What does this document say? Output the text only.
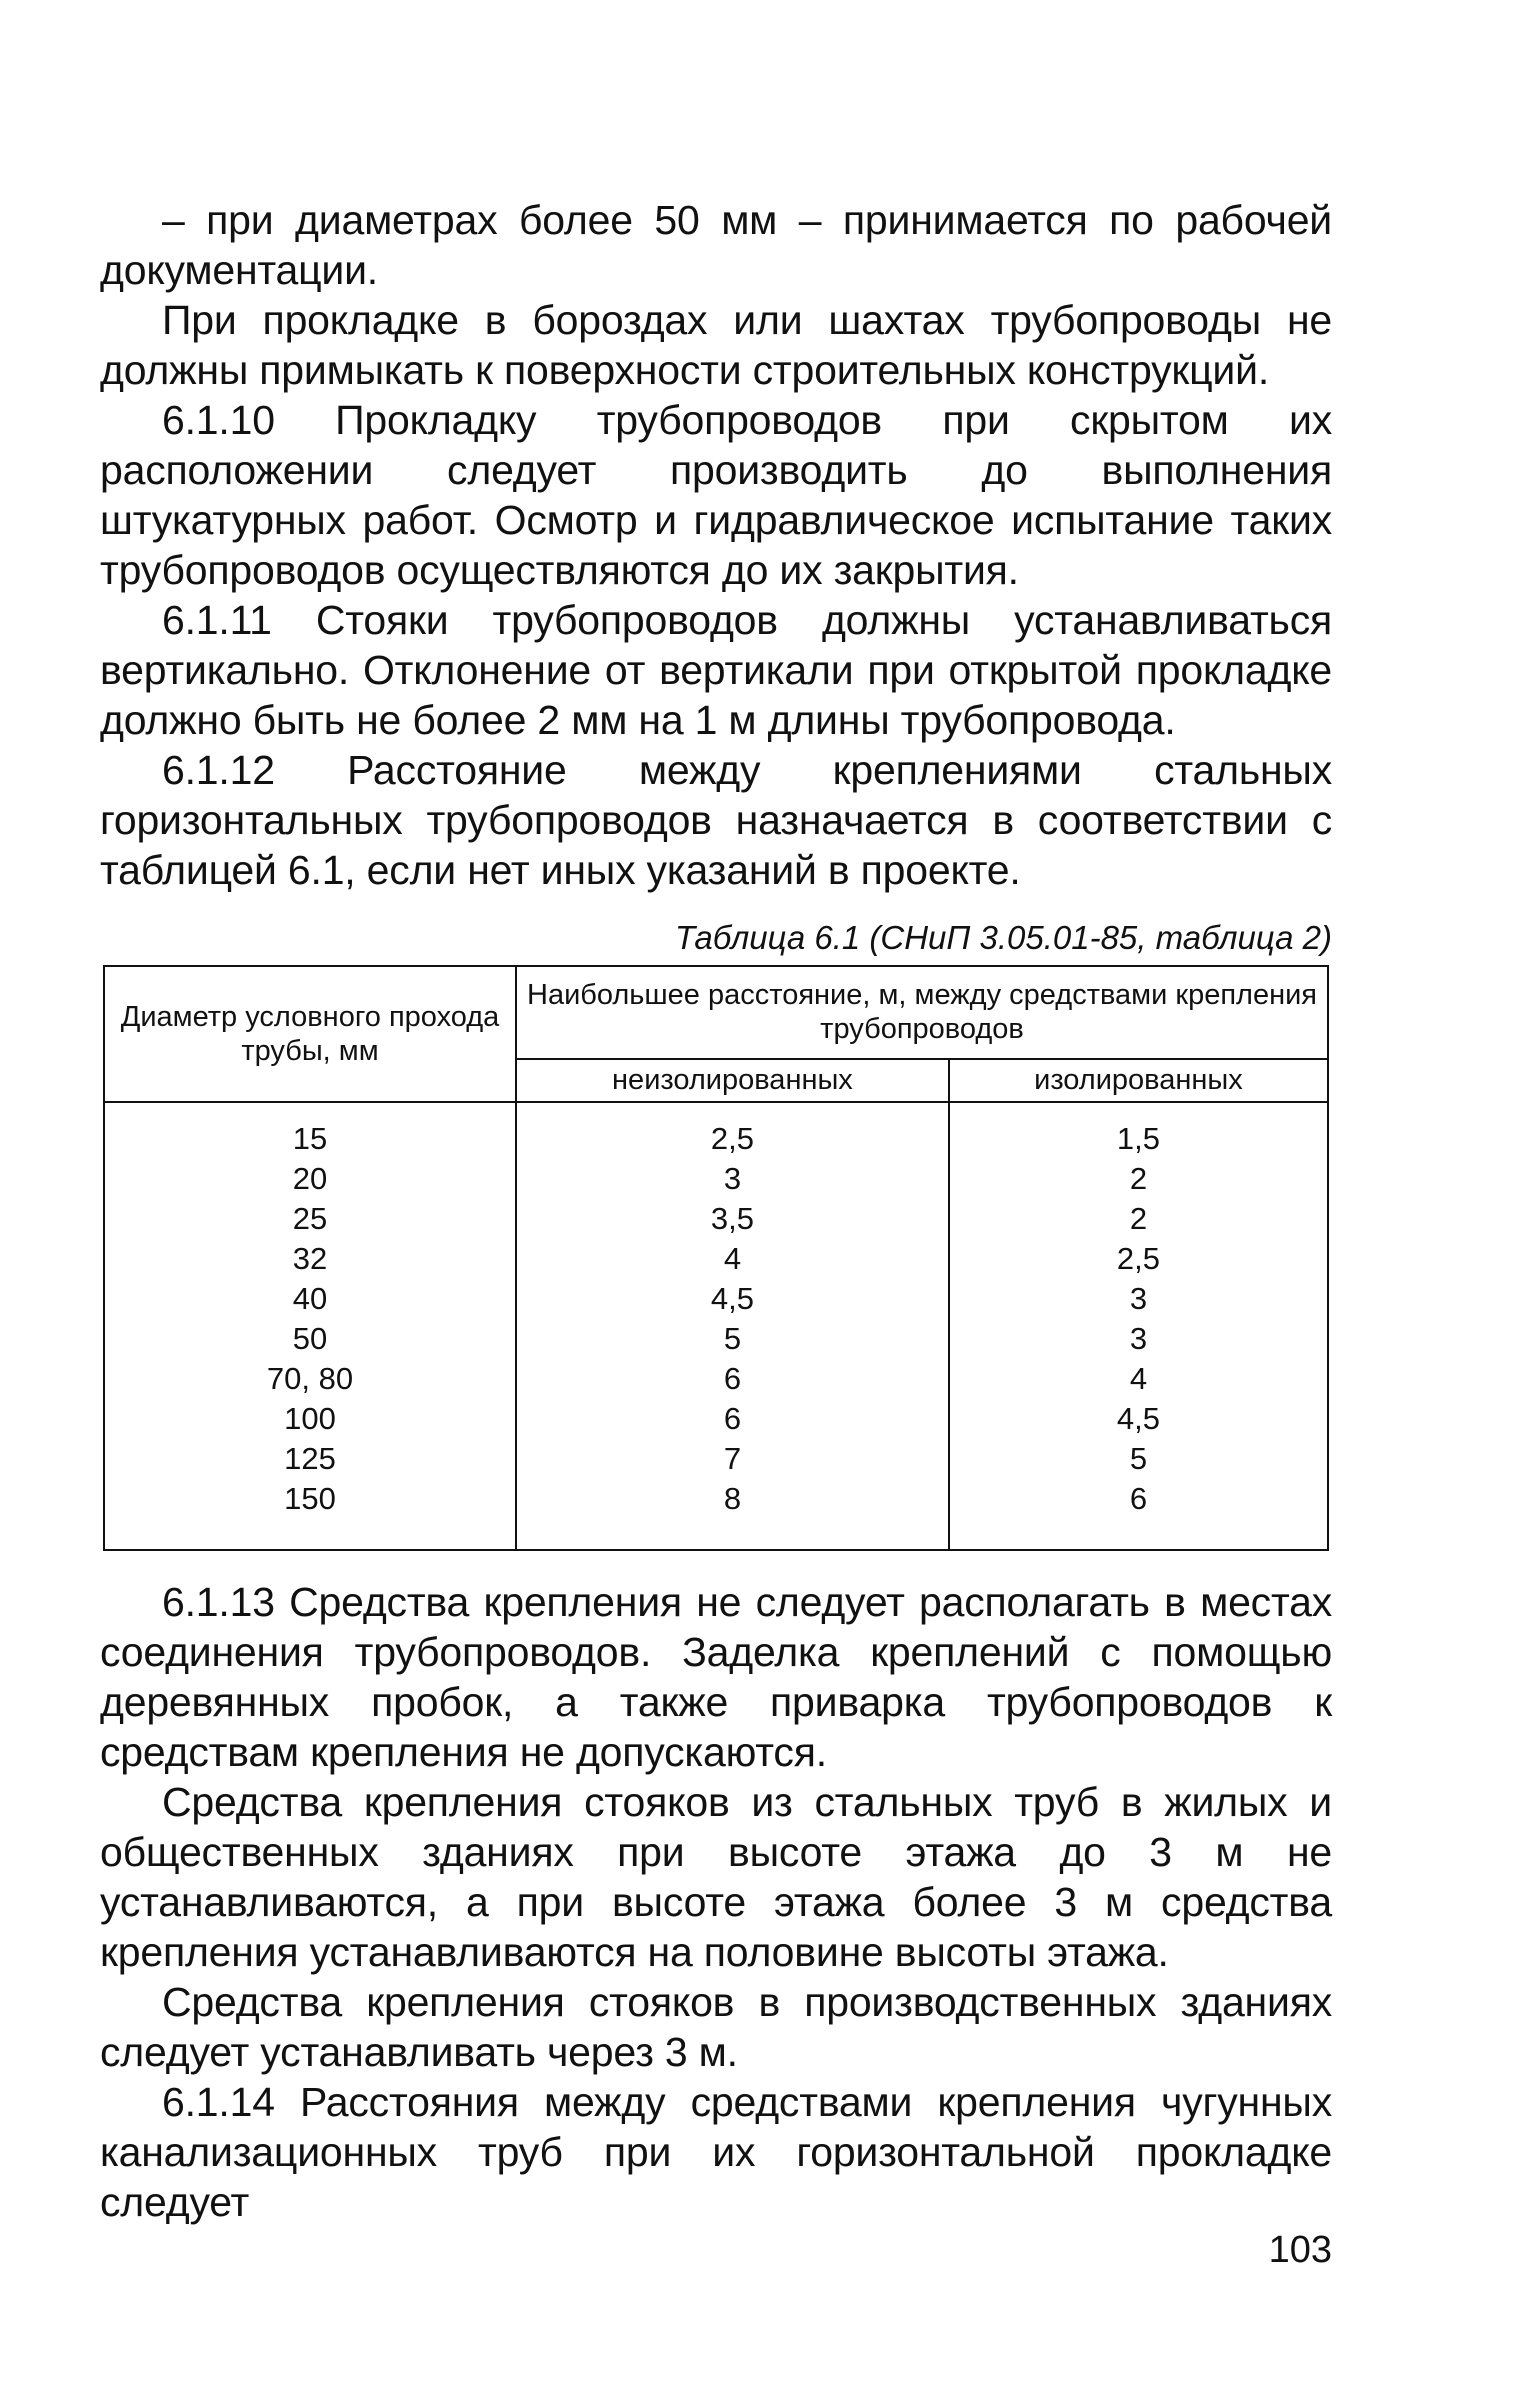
– при диаметрах более 50 мм – принимается по рабочей документации.

При прокладке в бороздах или шахтах трубопроводы не должны примыкать к поверхности строительных конструкций.

6.1.10 Прокладку трубопроводов при скрытом их расположении следует производить до выполнения штукатурных работ. Осмотр и гидравлическое испытание таких трубопроводов осуществляются до их закрытия.

6.1.11 Стояки трубопроводов должны устанавливаться вертикально. Отклонение от вертикали при открытой прокладке должно быть не более 2 мм на 1 м длины трубопровода.

6.1.12 Расстояние между креплениями стальных горизонтальных трубопроводов назначается в соответствии с таблицей 6.1, если нет иных указаний в проекте.

Таблица 6.1 (СНиП 3.05.01-85, таблица 2)
Диаметр условного прохода трубы, мм	Наибольшее расстояние, м, между средствами крепления трубопроводов	
	неизолированных	изолированных
15	2,5	1,5
20	3	2
25	3,5	2
32	4	2,5
40	4,5	3
50	5	3
70, 80	6	4
100	6	4,5
125	7	5
150	8	6

6.1.13 Средства крепления не следует располагать в местах соединения трубопроводов. Заделка креплений с помощью деревянных пробок, а также приварка трубопроводов к средствам крепления не допускаются.

Средства крепления стояков из стальных труб в жилых и общественных зданиях при высоте этажа до 3 м не устанавливаются, а при высоте этажа более 3 м средства крепления устанавливаются на половине высоты этажа.

Средства крепления стояков в производственных зданиях следует устанавливать через 3 м.

6.1.14 Расстояния между средствами крепления чугунных канализационных труб при их горизонтальной прокладке следует

103
